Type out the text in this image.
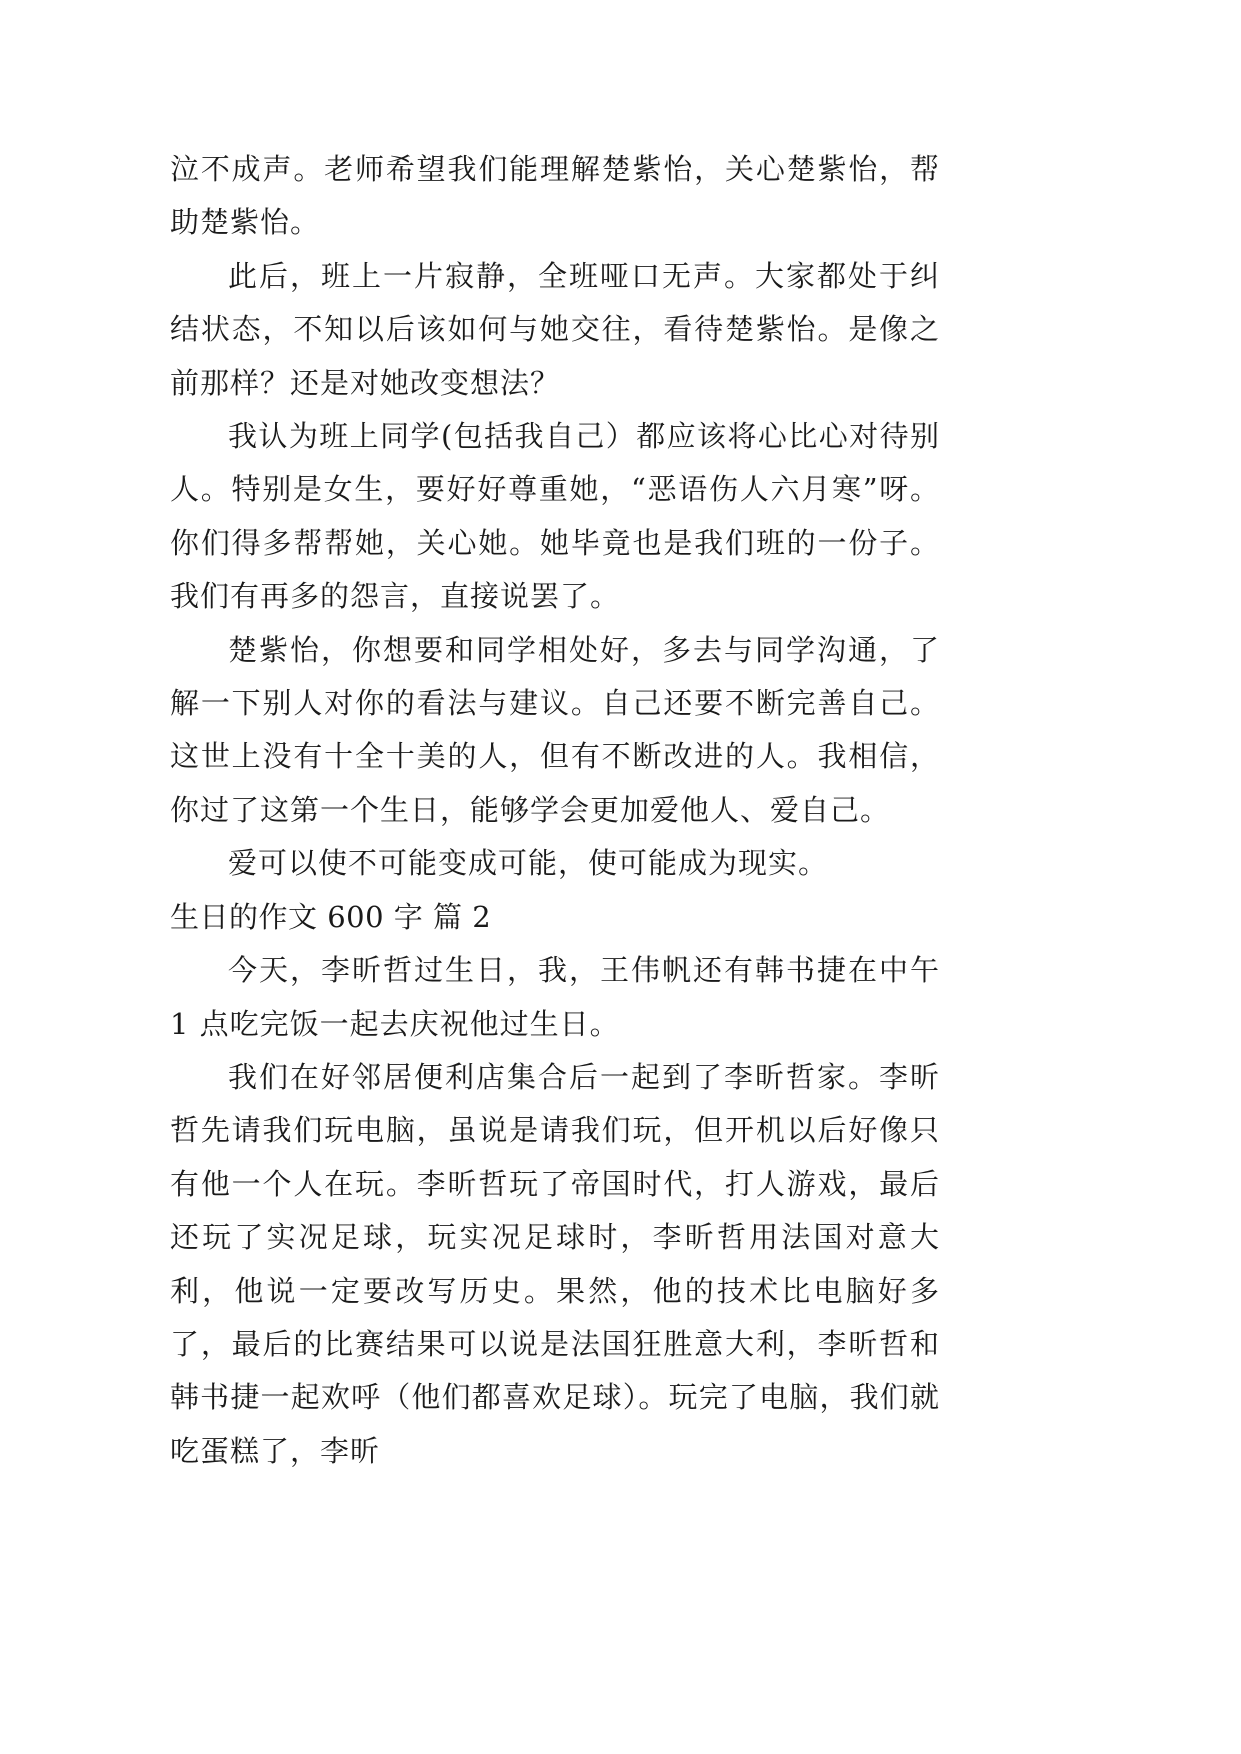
泣不成声。老师希望我们能理解楚紫怡，关心楚紫怡，帮助楚紫怡。

此后，班上一片寂静，全班哑口无声。大家都处于纠结状态，不知以后该如何与她交往，看待楚紫怡。是像之前那样？还是对她改变想法？

我认为班上同学(包括我自己）都应该将心比心对待别人。特别是女生，要好好尊重她，“恶语伤人六月寒”呀。你们得多帮帮她，关心她。她毕竟也是我们班的一份子。我们有再多的怨言，直接说罢了。

楚紫怡，你想要和同学相处好，多去与同学沟通，了解一下别人对你的看法与建议。自己还要不断完善自己。这世上没有十全十美的人，但有不断改进的人。我相信，你过了这第一个生日，能够学会更加爱他人、爱自己。

爱可以使不可能变成可能，使可能成为现实。

生日的作文 600 字 篇 2

今天，李昕哲过生日，我，王伟帆还有韩书捷在中午 1 点吃完饭一起去庆祝他过生日。

我们在好邻居便利店集合后一起到了李昕哲家。李昕哲先请我们玩电脑，虽说是请我们玩，但开机以后好像只有他一个人在玩。李昕哲玩了帝国时代，打人游戏，最后还玩了实况足球，玩实况足球时，李昕哲用法国对意大利，他说一定要改写历史。果然，他的技术比电脑好多了，最后的比赛结果可以说是法国狂胜意大利，李昕哲和韩书捷一起欢呼（他们都喜欢足球）。玩完了电脑，我们就吃蛋糕了，李昕
